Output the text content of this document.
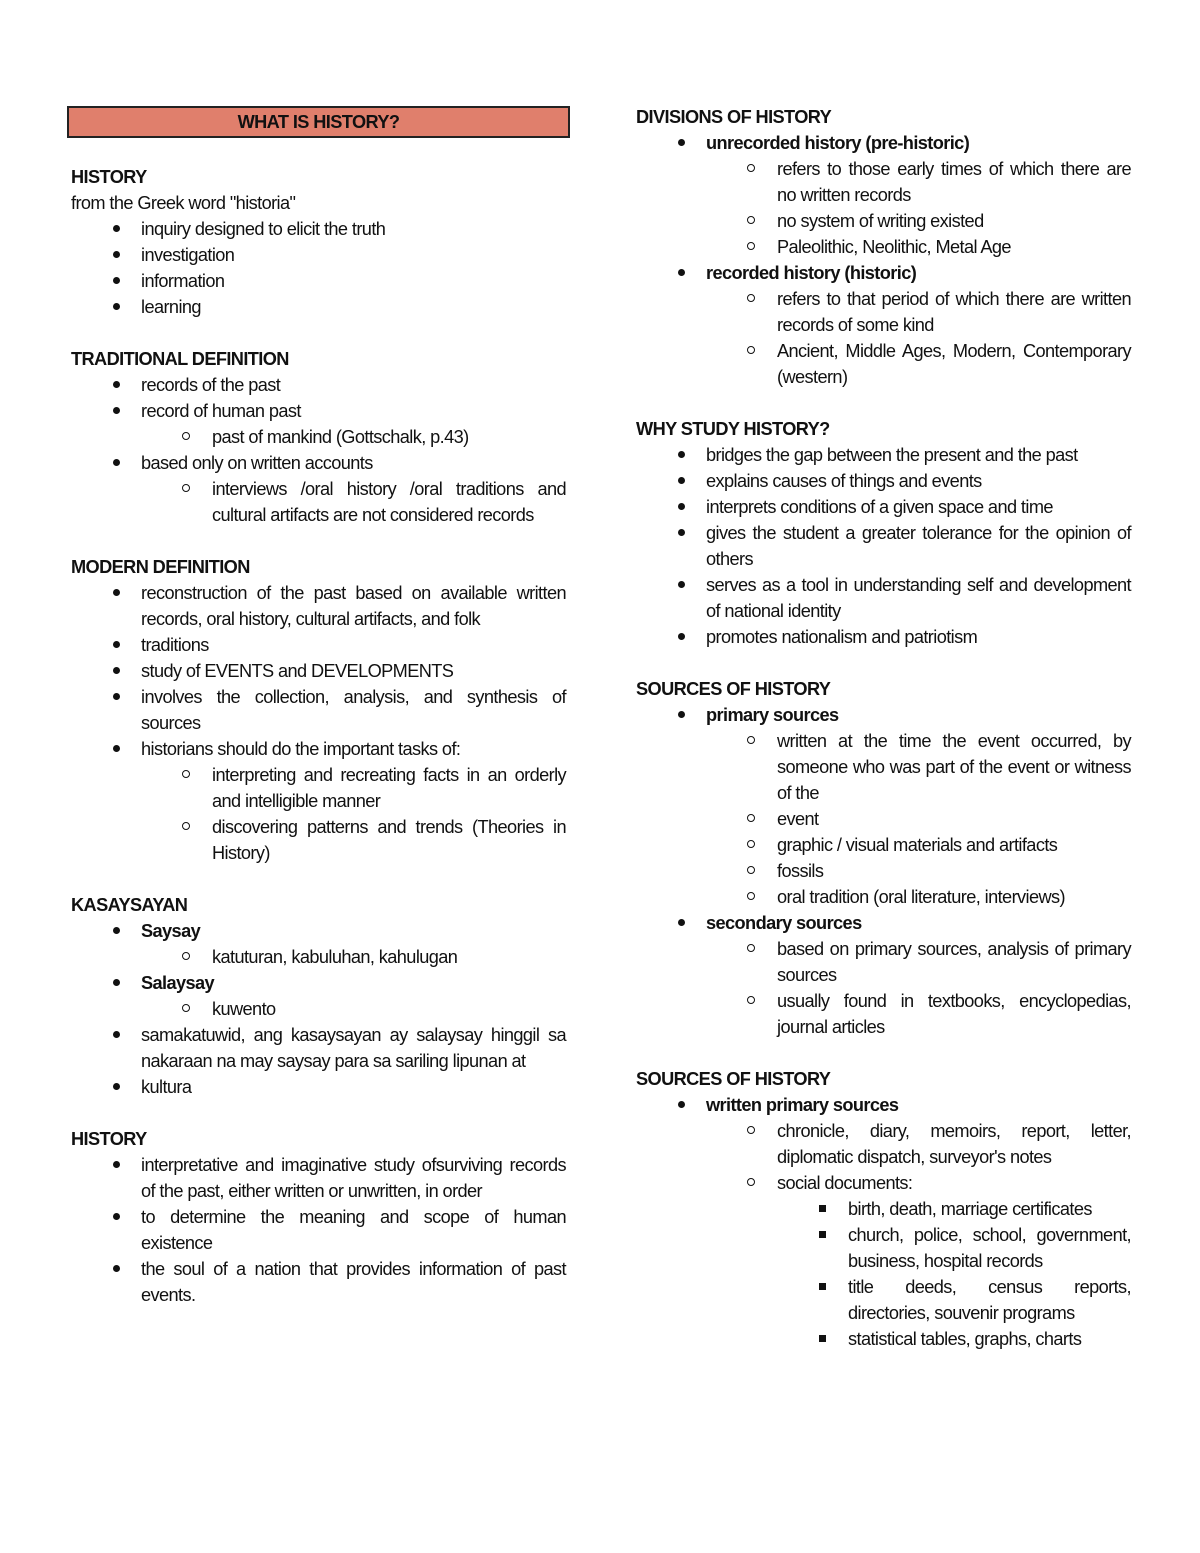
WHAT IS HISTORY?
HISTORY
from the Greek word "historia"
inquiry designed to elicit the truth
investigation
information
learning
TRADITIONAL DEFINITION
records of the past
record of human past
past of mankind (Gottschalk, p.43)
based only on written accounts
interviews /oral history /oral traditions and cultural artifacts are not considered records
MODERN DEFINITION
reconstruction of the past based on available written records, oral history, cultural artifacts, and folk
traditions
study of EVENTS and DEVELOPMENTS
involves the collection, analysis, and synthesis of sources
historians should do the important tasks of:
interpreting and recreating facts in an orderly and intelligible manner
discovering patterns and trends (Theories in History)
KASAYSAYAN
Saysay
katuturan, kabuluhan, kahulugan
Salaysay
kuwento
samakatuwid, ang kasaysayan ay salaysay hinggil sa nakaraan na may saysay para sa sariling lipunan at
kultura
HISTORY
interpretative and imaginative study ofsurviving records of the past, either written or unwritten, in order
to determine the meaning and scope of human existence
the soul of a nation that provides information of past events.
DIVISIONS OF HISTORY
unrecorded history (pre-historic)
refers to those early times of which there are no written records
no system of writing existed
Paleolithic, Neolithic, Metal Age
recorded history (historic)
refers to that period of which there are written records of some kind
Ancient, Middle Ages, Modern, Contemporary (western)
WHY STUDY HISTORY?
bridges the gap between the present and the past
explains causes of things and events
interprets conditions of a given space and time
gives the student a greater tolerance for the opinion of others
serves as a tool in understanding self and development of national identity
promotes nationalism and patriotism
SOURCES OF HISTORY
primary sources
written at the time the event occurred, by someone who was part of the event or witness of the
event
graphic / visual materials and artifacts
fossils
oral tradition (oral literature, interviews)
secondary sources
based on primary sources, analysis of primary sources
usually found in textbooks, encyclopedias, journal articles
SOURCES OF HISTORY
written primary sources
chronicle, diary, memoirs, report, letter, diplomatic dispatch, surveyor's notes
social documents:
birth, death, marriage certificates
church, police, school, government, business, hospital records
title deeds, census reports, directories, souvenir programs
statistical tables, graphs, charts
